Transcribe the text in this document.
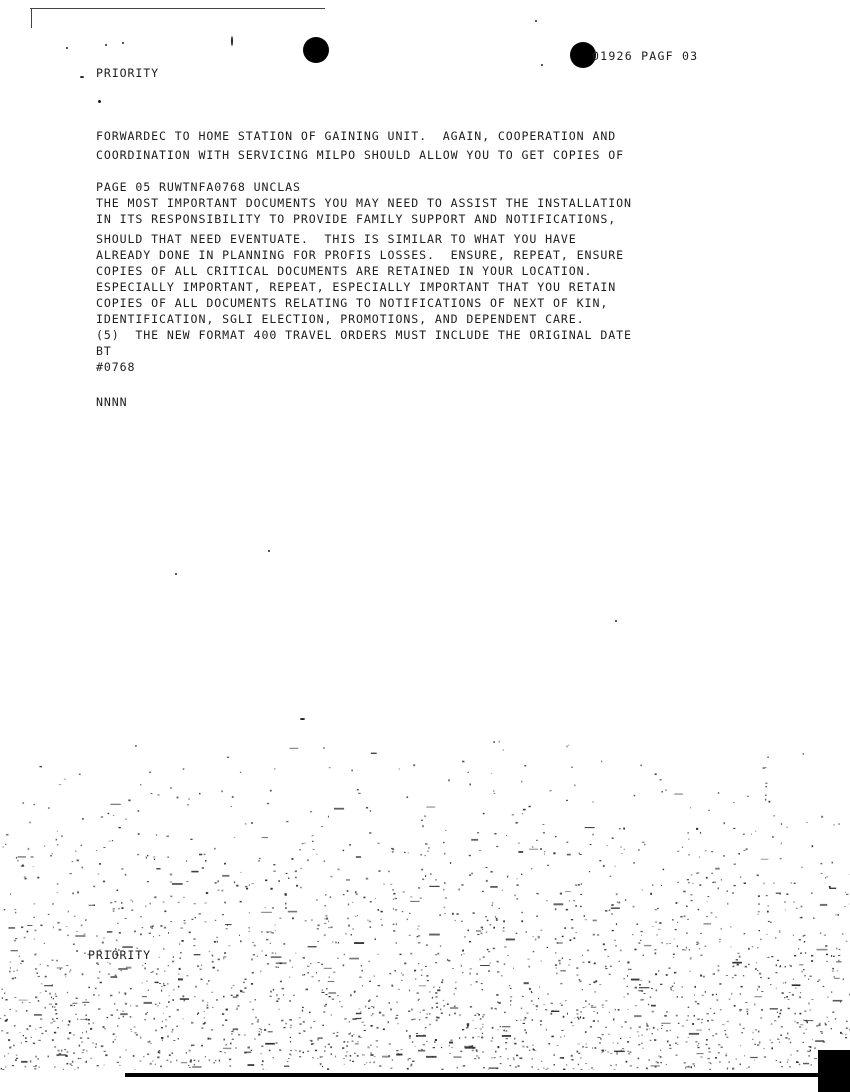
01926 PAGF 03
PRIORITY
FORWARDEC TO HOME STATION OF GAINING UNIT.  AGAIN, COOPERATION AND
COORDINATION WITH SERVICING MILPO SHOULD ALLOW YOU TO GET COPIES OF
PAGE 05 RUWTNFA0768 UNCLAS
THE MOST IMPORTANT DOCUMENTS YOU MAY NEED TO ASSIST THE INSTALLATION
IN ITS RESPONSIBILITY TO PROVIDE FAMILY SUPPORT AND NOTIFICATIONS,
SHOULD THAT NEED EVENTUATE.  THIS IS SIMILAR TO WHAT YOU HAVE
ALREADY DONE IN PLANNING FOR PROFIS LOSSES.  ENSURE, REPEAT, ENSURE
COPIES OF ALL CRITICAL DOCUMENTS ARE RETAINED IN YOUR LOCATION.
ESPECIALLY IMPORTANT, REPEAT, ESPECIALLY IMPORTANT THAT YOU RETAIN
COPIES OF ALL DOCUMENTS RELATING TO NOTIFICATIONS OF NEXT OF KIN,
IDENTIFICATION, SGLI ELECTION, PROMOTIONS, AND DEPENDENT CARE.
(5)  THE NEW FORMAT 400 TRAVEL ORDERS MUST INCLUDE THE ORIGINAL DATE
BT
#0768
NNNN
PRIORITY
